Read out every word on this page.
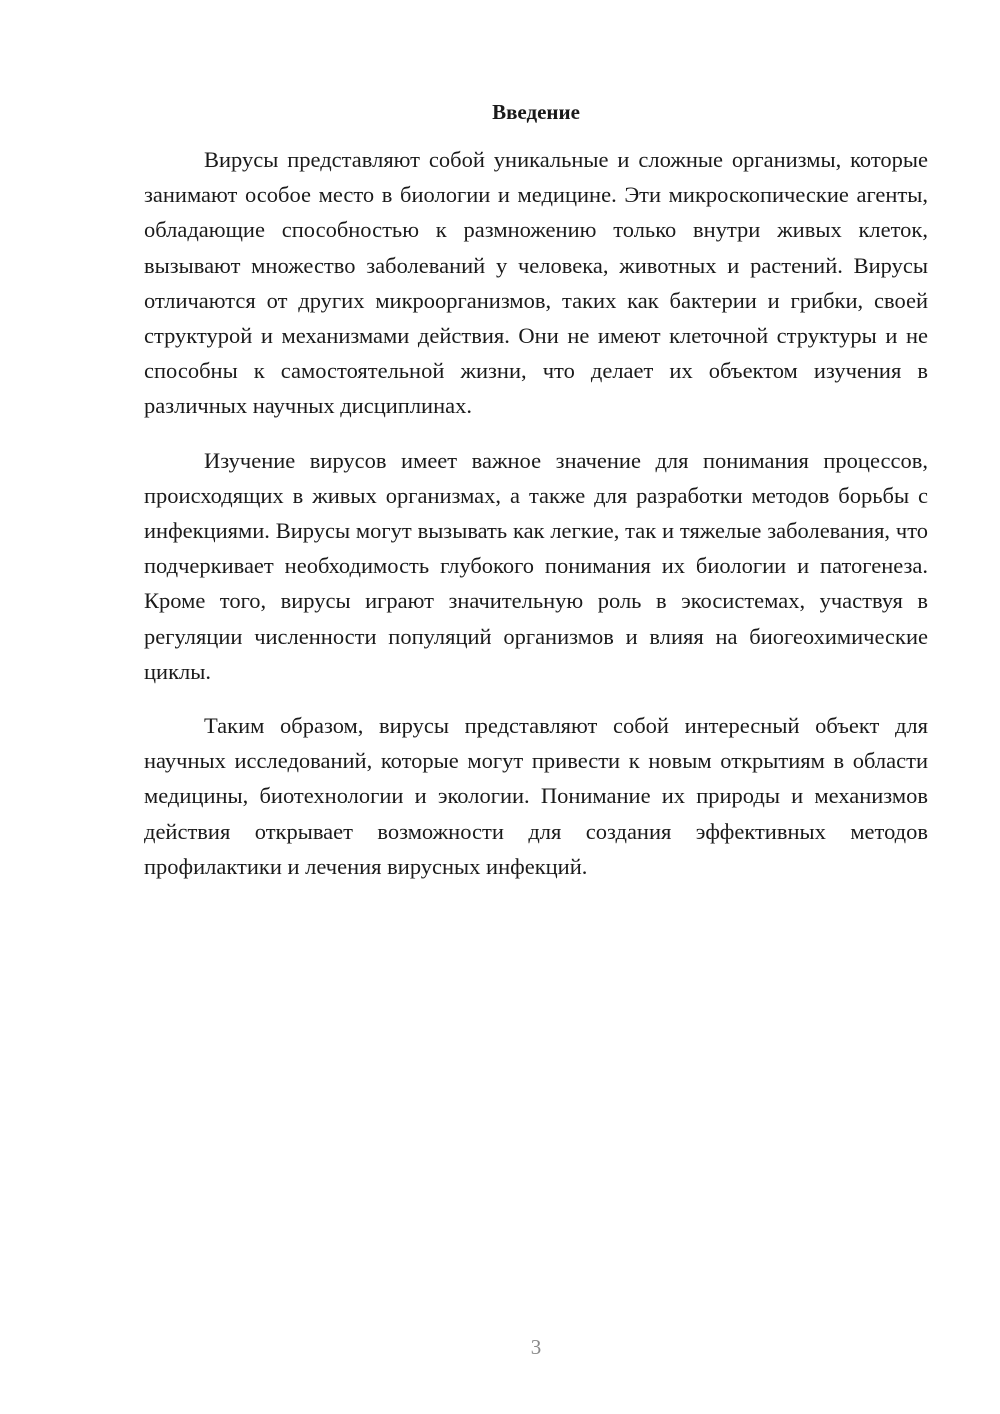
Введение

Вирусы представляют собой уникальные и сложные организмы, которые занимают особое место в биологии и медицине. Эти микроскопические агенты, обладающие способностью к размножению только внутри живых клеток, вызывают множество заболеваний у человека, животных и растений. Вирусы отличаются от других микроорганизмов, таких как бактерии и грибки, своей структурой и механизмами действия. Они не имеют клеточной структуры и не способны к самостоятельной жизни, что делает их объектом изучения в различных научных дисциплинах.

Изучение вирусов имеет важное значение для понимания процессов, происходящих в живых организмах, а также для разработки методов борьбы с инфекциями. Вирусы могут вызывать как легкие, так и тяжелые заболевания, что подчеркивает необходимость глубокого понимания их биологии и патогенеза. Кроме того, вирусы играют значительную роль в экосистемах, участвуя в регуляции численности популяций организмов и влияя на биогеохимические циклы.

Таким образом, вирусы представляют собой интересный объект для научных исследований, которые могут привести к новым открытиям в области медицины, биотехнологии и экологии. Понимание их природы и механизмов действия открывает возможности для создания эффективных методов профилактики и лечения вирусных инфекций.

3
